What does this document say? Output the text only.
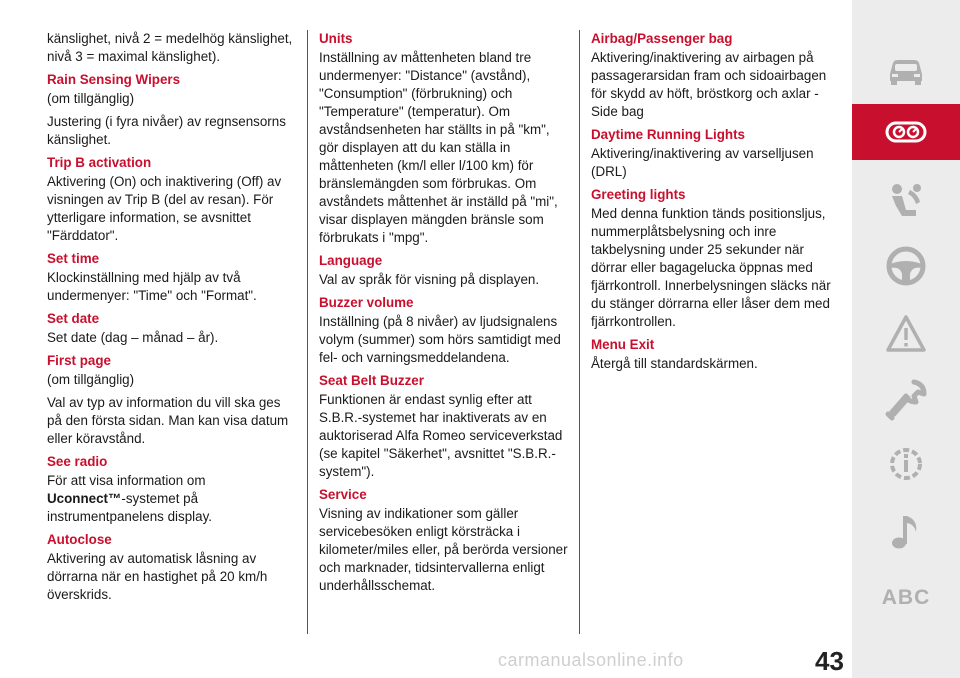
känslighet, nivå 2 = medelhög känslighet, nivå 3 = maximal känslighet).
Rain Sensing Wipers
(om tillgänglig)
Justering (i fyra nivåer) av regnsensorns känslighet.
Trip B activation
Aktivering (On) och inaktivering (Off) av visningen av Trip B (del av resan). För ytterligare information, se avsnittet "Färddator".
Set time
Klockinställning med hjälp av två undermenyer: "Time" och "Format".
Set date
Set date (dag – månad – år).
First page
(om tillgänglig)
Val av typ av information du vill ska ges på den första sidan. Man kan visa datum eller köravstånd.
See radio
För att visa information om
Uconnect™-systemet på instrumentpanelens display.
Autoclose
Aktivering av automatisk låsning av dörrarna när en hastighet på 20 km/h överskrids.
Units
Inställning av måttenheten bland tre undermenyer: "Distance" (avstånd), "Consumption" (förbrukning) och "Temperature" (temperatur). Om avståndsenheten har ställts in på "km", gör displayen att du kan ställa in måttenheten (km/l eller l/100 km) för bränslemängden som förbrukas. Om avståndets måttenhet är inställd på "mi", visar displayen mängden bränsle som förbrukats i "mpg".
Language
Val av språk för visning på displayen.
Buzzer volume
Inställning (på 8 nivåer) av ljudsignalens volym (summer) som hörs samtidigt med fel- och varningsmeddelandena.
Seat Belt Buzzer
Funktionen är endast synlig efter att S.B.R.-systemet har inaktiverats av en auktoriserad Alfa Romeo serviceverkstad (se kapitel "Säkerhet", avsnittet "S.B.R.-system").
Service
Visning av indikationer som gäller servicebesöken enligt körsträcka i kilometer/miles eller, på berörda versioner och marknader, tidsintervallerna enligt underhållsschemat.
Airbag/Passenger bag
Aktivering/inaktivering av airbagen på passagerarsidan fram och sidoairbagen för skydd av höft, bröstkorg och axlar - Side bag
Daytime Running Lights
Aktivering/inaktivering av varselljusen (DRL)
Greeting lights
Med denna funktion tänds positionsljus, nummerplåtsbelysning och inre takbelysning under 25 sekunder när dörrar eller bagagelucka öppnas med fjärrkontroll. Innerbelysningen släcks när du stänger dörrarna eller låser dem med fjärrkontrollen.
Menu Exit
Återgå till standardskärmen.
ABC
carmanualsonline.info	43
